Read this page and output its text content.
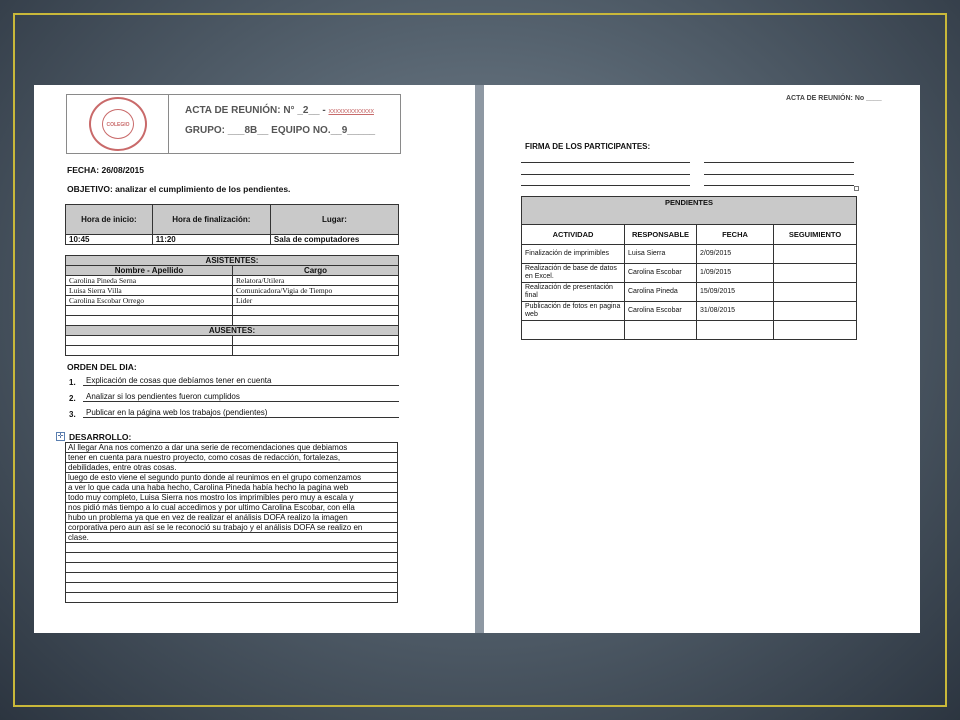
COLEGIO
ACTA DE REUNIÓN: N° _2__ - xxxxxxxxxxxxx
GRUPO: ___8B__ EQUIPO NO.__9_____
FECHA: 26/08/2015
OBJETIVO: analizar el cumplimiento de los pendientes.
Hora de inicio:	Hora de finalización:	Lugar:
10:45	11:20	Sala de computadores
ASISTENTES:	
Nombre - Apellido	Cargo
Carolina Pineda Serna	Relatora/Utilera
Luisa Sierra Villa	Comunicadora/Vigia de Tiempo
Carolina Escobar Orrego	Lider

AUSENTES:	

ORDEN DEL DIA:
1.	Explicación de cosas que debíamos tener en cuenta
2.	Analizar si los pendientes fueron cumplidos
3.	Publicar en la página web los trabajos (pendientes)
✛ DESARROLLO:
Al llegar Ana nos comenzo a dar una serie de recomendaciones que debiamos
tener en cuenta para nuestro proyecto, como cosas de redacción, fortalezas,
debilidades, entre otras cosas.
luego de esto viene el segundo punto donde al reunimos en el grupo comenzamos
a ver lo que cada una haba hecho, Carolina Pineda había hecho la pagina web
todo muy completo, Luisa Sierra nos mostro los imprimibles pero muy a escala y
nos pidió más tiempo a lo cual accedimos y por ultimo Carolina Escobar, con ella
hubo un problema ya que en vez de realizar el análisis DOFA realizo la imagen
corporativa pero aun así se le reconoció su trabajo y el análisis DOFA se realizo en
clase.

ACTA DE REUNIÓN: No ____
FIRMA DE LOS PARTICIPANTES:
PENDIENTES			
ACTIVIDAD	RESPONSABLE	FECHA	SEGUIMIENTO
Finalización de imprimibles	Luisa Sierra	2/09/2015	
Realización de base de datos en Excel.	Carolina Escobar	1/09/2015	
Realización de presentación final	Carolina Pineda	15/09/2015	
Publicación de fotos en pagina web	Carolina Escobar	31/08/2015	
